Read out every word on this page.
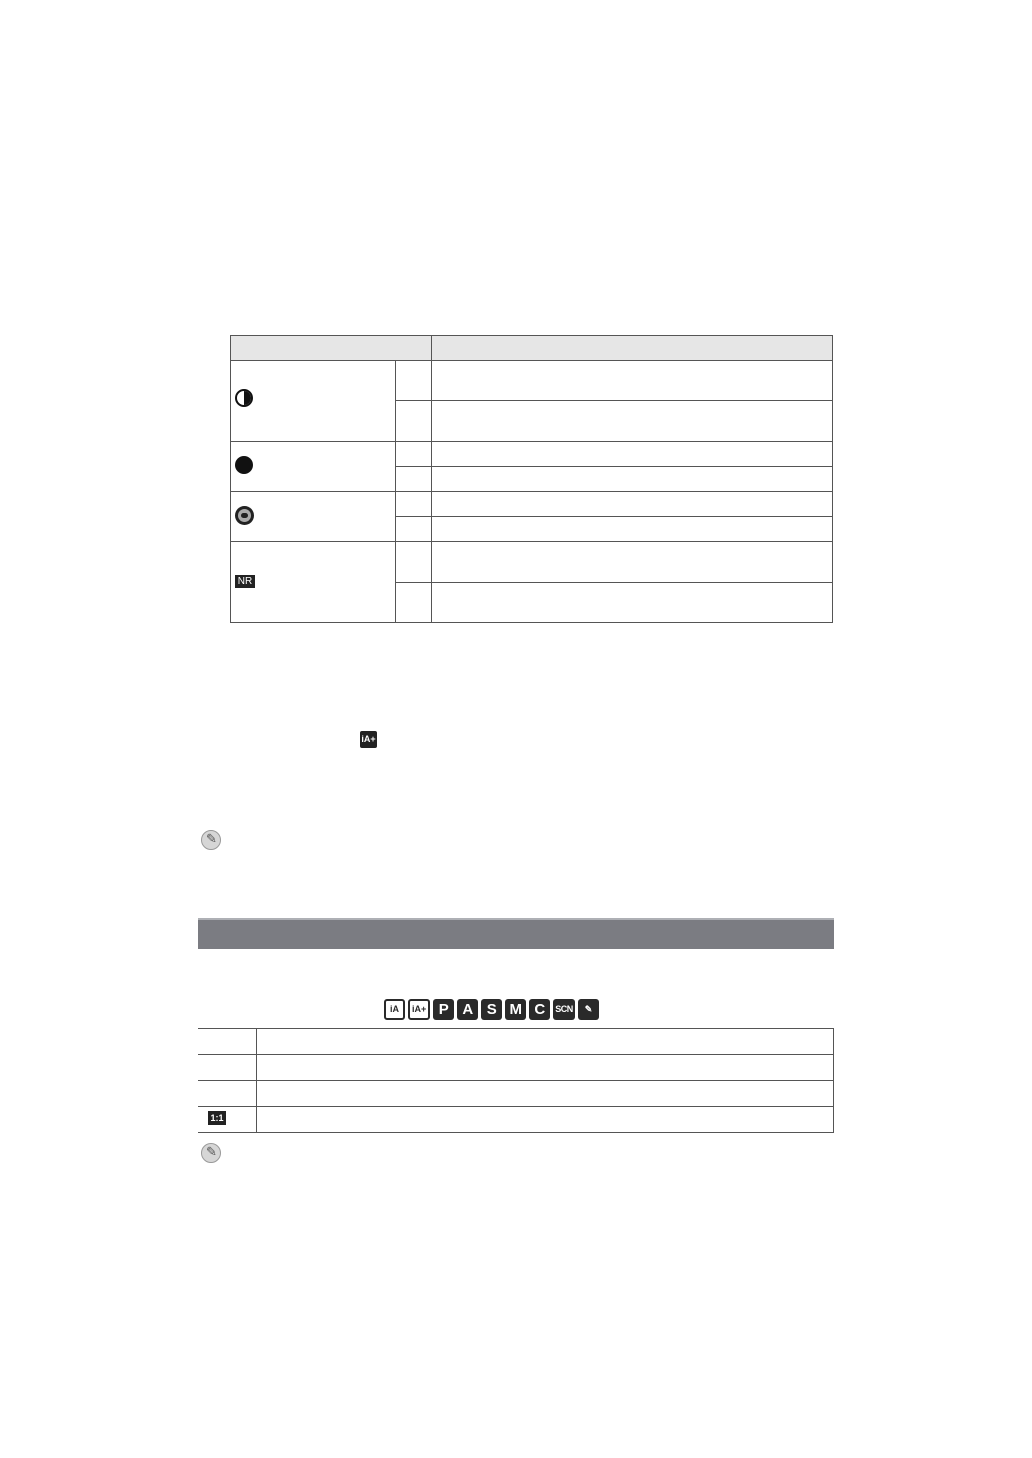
NR
iA+
✎
iA	iA+ P A S M C	SCN	✎
1:1
✎
